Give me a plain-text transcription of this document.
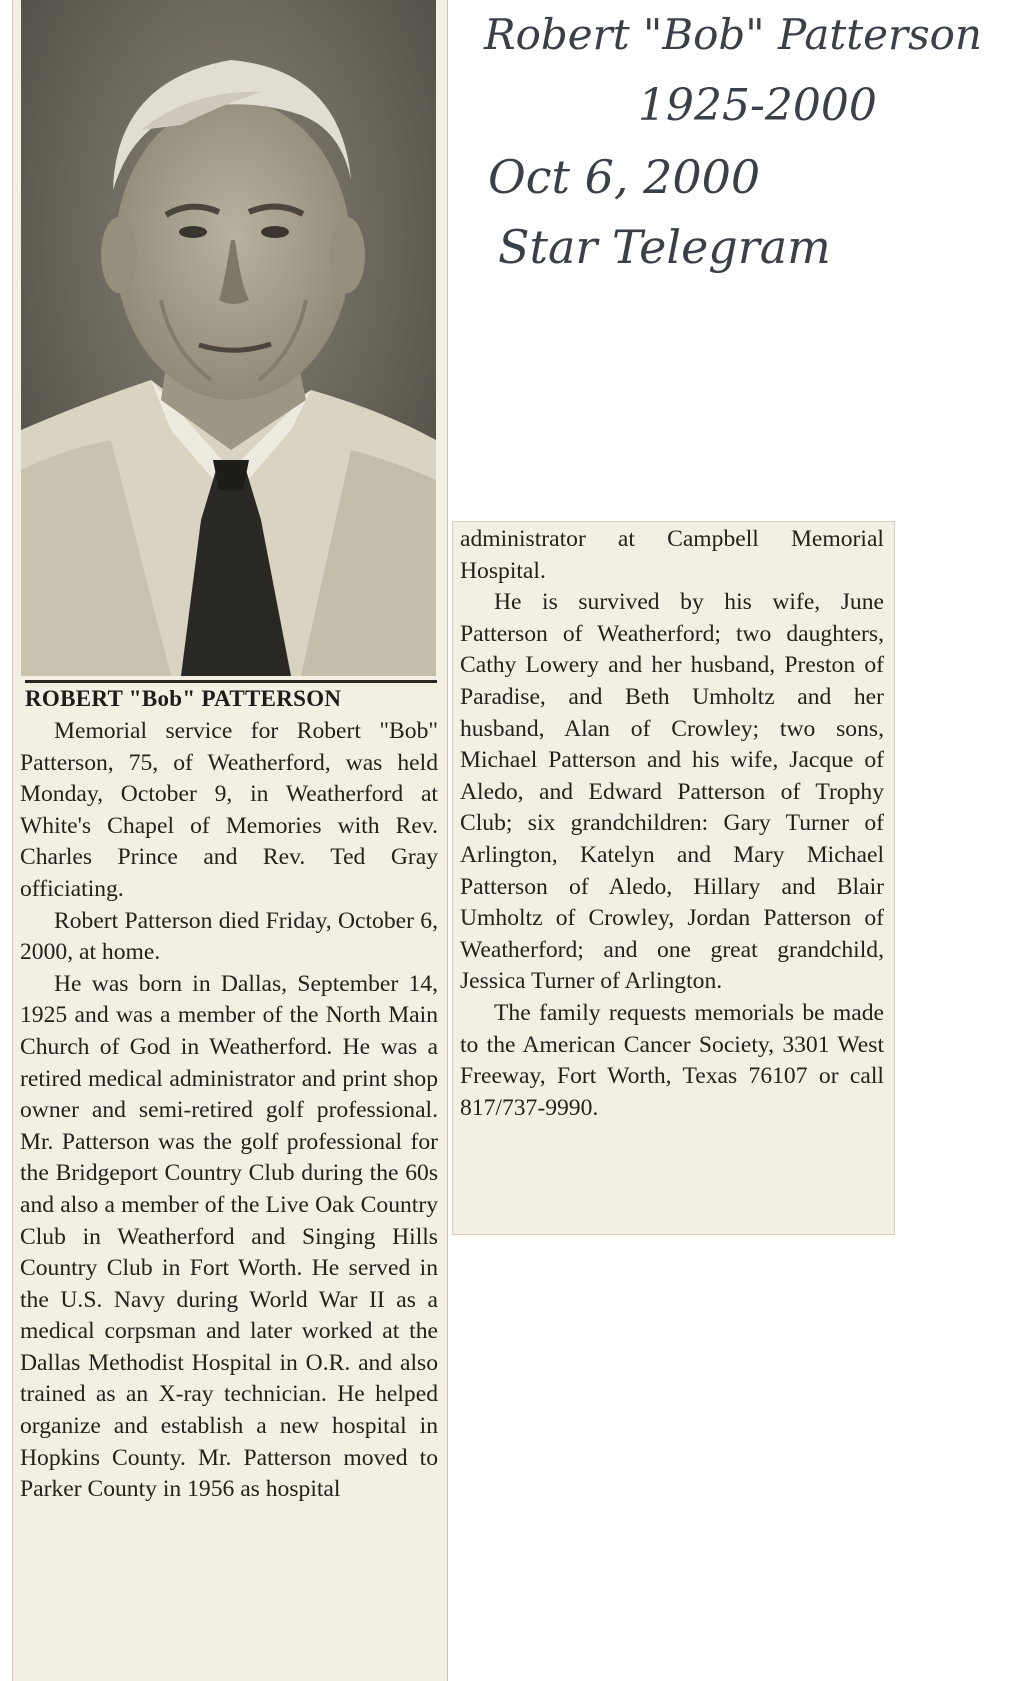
ROBERT "Bob" PATTERSON

Memorial service for Robert "Bob" Patterson, 75, of Weatherford, was held Monday, October 9, in Weatherford at White's Chapel of Memories with Rev. Charles Prince and Rev. Ted Gray officiating.

Robert Patterson died Friday, October 6, 2000, at home.

He was born in Dallas, September 14, 1925 and was a member of the North Main Church of God in Weatherford. He was a retired medical administrator and print shop owner and semi-retired golf professional. Mr. Patterson was the golf professional for the Bridgeport Country Club during the 60s and also a member of the Live Oak Country Club in Weatherford and Singing Hills Country Club in Fort Worth. He served in the U.S. Navy during World War II as a medical corpsman and later worked at the Dallas Methodist Hospital in O.R. and also trained as an X-ray technician. He helped organize and establish a new hospital in Hopkins County. Mr. Patterson moved to Parker County in 1956 as hospital

administrator at Campbell Memorial Hospital.

He is survived by his wife, June Patterson of Weatherford; two daughters, Cathy Lowery and her husband, Preston of Paradise, and Beth Umholtz and her husband, Alan of Crowley; two sons, Michael Patterson and his wife, Jacque of Aledo, and Edward Patterson of Trophy Club; six grandchildren: Gary Turner of Arlington, Katelyn and Mary Michael Patterson of Aledo, Hillary and Blair Umholtz of Crowley, Jordan Patterson of Weatherford; and one great grandchild, Jessica Turner of Arlington.

The family requests memorials be made to the American Cancer Society, 3301 West Freeway, Fort Worth, Texas 76107 or call 817/737-9990.

Robert "Bob" Patterson
1925-2000
Oct 6, 2000
Star Telegram
